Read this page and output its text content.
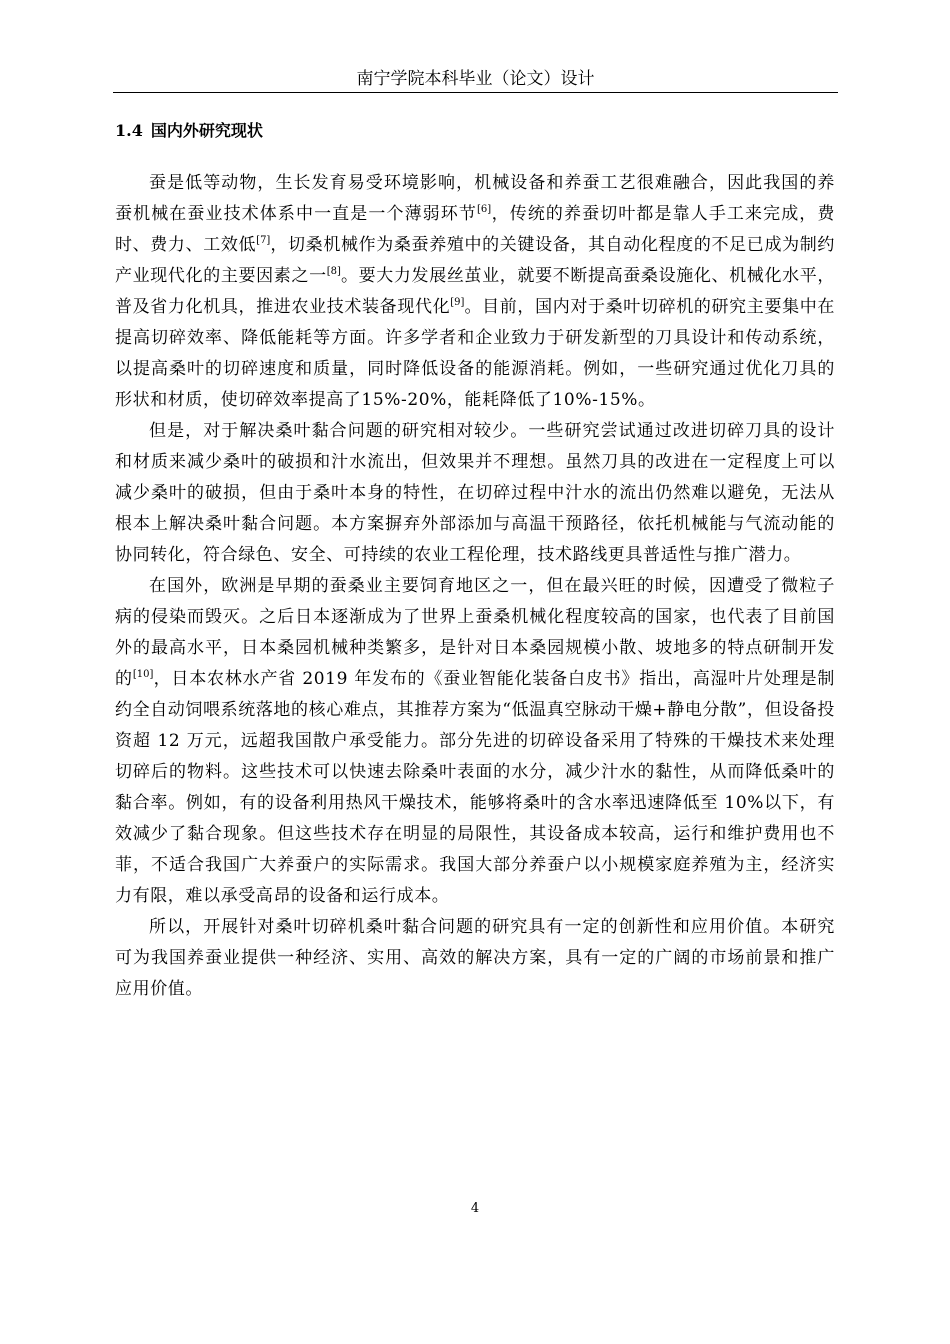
南宁学院本科毕业（论文）设计
1.4 国内外研究现状

蚕是低等动物，生长发育易受环境影响，机械设备和养蚕工艺很难融合，因此我国的养蚕机械在蚕业技术体系中一直是一个薄弱环节[6]，传统的养蚕切叶都是靠人手工来完成，费时、费力、工效低[7]，切桑机械作为桑蚕养殖中的关键设备，其自动化程度的不足已成为制约产业现代化的主要因素之一[8]。要大力发展丝茧业，就要不断提高蚕桑设施化、机械化水平，普及省力化机具，推进农业技术装备现代化[9]。目前，国内对于桑叶切碎机的研究主要集中在提高切碎效率、降低能耗等方面。许多学者和企业致力于研发新型的刀具设计和传动系统，以提高桑叶的切碎速度和质量，同时降低设备的能源消耗。例如，一些研究通过优化刀具的形状和材质，使切碎效率提高了15%-20%，能耗降低了10%-15%。

但是，对于解决桑叶黏合问题的研究相对较少。一些研究尝试通过改进切碎刀具的设计和材质来减少桑叶的破损和汁水流出，但效果并不理想。虽然刀具的改进在一定程度上可以减少桑叶的破损，但由于桑叶本身的特性，在切碎过程中汁水的流出仍然难以避免，无法从根本上解决桑叶黏合问题。本方案摒弃外部添加与高温干预路径，依托机械能与气流动能的协同转化，符合绿色、安全、可持续的农业工程伦理，技术路线更具普适性与推广潜力。

在国外，欧洲是早期的蚕桑业主要饲育地区之一，但在最兴旺的时候，因遭受了微粒子病的侵染而毁灭。之后日本逐渐成为了世界上蚕桑机械化程度较高的国家，也代表了目前国外的最高水平，日本桑园机械种类繁多，是针对日本桑园规模小散、坡地多的特点研制开发的[10]，日本农林水产省 2019 年发布的《蚕业智能化装备白皮书》指出，高湿叶片处理是制约全自动饲喂系统落地的核心难点，其推荐方案为“低温真空脉动干燥+静电分散”，但设备投资超 12 万元，远超我国散户承受能力。部分先进的切碎设备采用了特殊的干燥技术来处理切碎后的物料。这些技术可以快速去除桑叶表面的水分，减少汁水的黏性，从而降低桑叶的黏合率。例如，有的设备利用热风干燥技术，能够将桑叶的含水率迅速降低至 10%以下，有效减少了黏合现象。但这些技术存在明显的局限性，其设备成本较高，运行和维护费用也不菲，不适合我国广大养蚕户的实际需求。我国大部分养蚕户以小规模家庭养殖为主，经济实力有限，难以承受高昂的设备和运行成本。

所以，开展针对桑叶切碎机桑叶黏合问题的研究具有一定的创新性和应用价值。本研究可为我国养蚕业提供一种经济、实用、高效的解决方案，具有一定的广阔的市场前景和推广应用价值。

4
